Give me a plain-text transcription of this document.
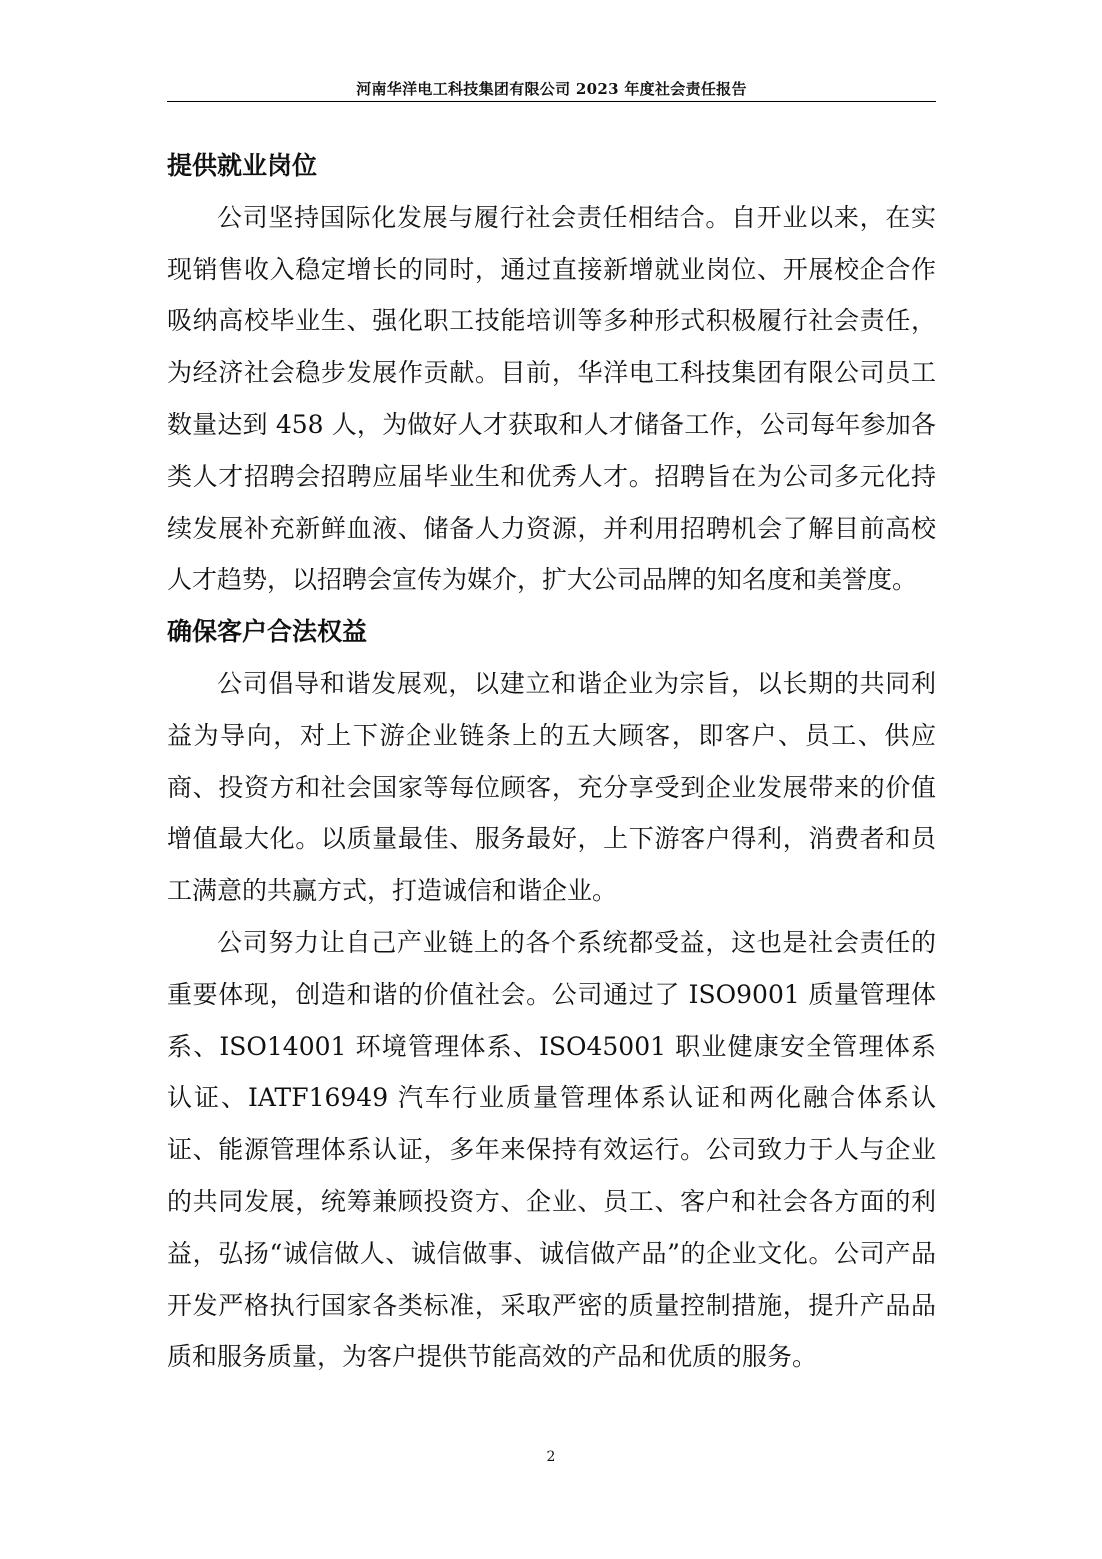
河南华洋电工科技集团有限公司 2023 年度社会责任报告
提供就业岗位

公司坚持国际化发展与履行社会责任相结合。自开业以来，在实现销售收入稳定增长的同时，通过直接新增就业岗位、开展校企合作吸纳高校毕业生、强化职工技能培训等多种形式积极履行社会责任，为经济社会稳步发展作贡献。目前，华洋电工科技集团有限公司员工数量达到 458 人，为做好人才获取和人才储备工作，公司每年参加各类人才招聘会招聘应届毕业生和优秀人才。招聘旨在为公司多元化持续发展补充新鲜血液、储备人力资源，并利用招聘机会了解目前高校人才趋势，以招聘会宣传为媒介，扩大公司品牌的知名度和美誉度。

确保客户合法权益

公司倡导和谐发展观，以建立和谐企业为宗旨，以长期的共同利益为导向，对上下游企业链条上的五大顾客，即客户、员工、供应商、投资方和社会国家等每位顾客，充分享受到企业发展带来的价值增值最大化。以质量最佳、服务最好，上下游客户得利，消费者和员工满意的共赢方式，打造诚信和谐企业。

公司努力让自己产业链上的各个系统都受益，这也是社会责任的重要体现，创造和谐的价值社会。公司通过了 ISO9001 质量管理体系、ISO14001 环境管理体系、ISO45001 职业健康安全管理体系认证、IATF16949 汽车行业质量管理体系认证和两化融合体系认证、能源管理体系认证，多年来保持有效运行。公司致力于人与企业的共同发展，统筹兼顾投资方、企业、员工、客户和社会各方面的利益，弘扬“诚信做人、诚信做事、诚信做产品”的企业文化。公司产品开发严格执行国家各类标准，采取严密的质量控制措施，提升产品品质和服务质量，为客户提供节能高效的产品和优质的服务。

2
